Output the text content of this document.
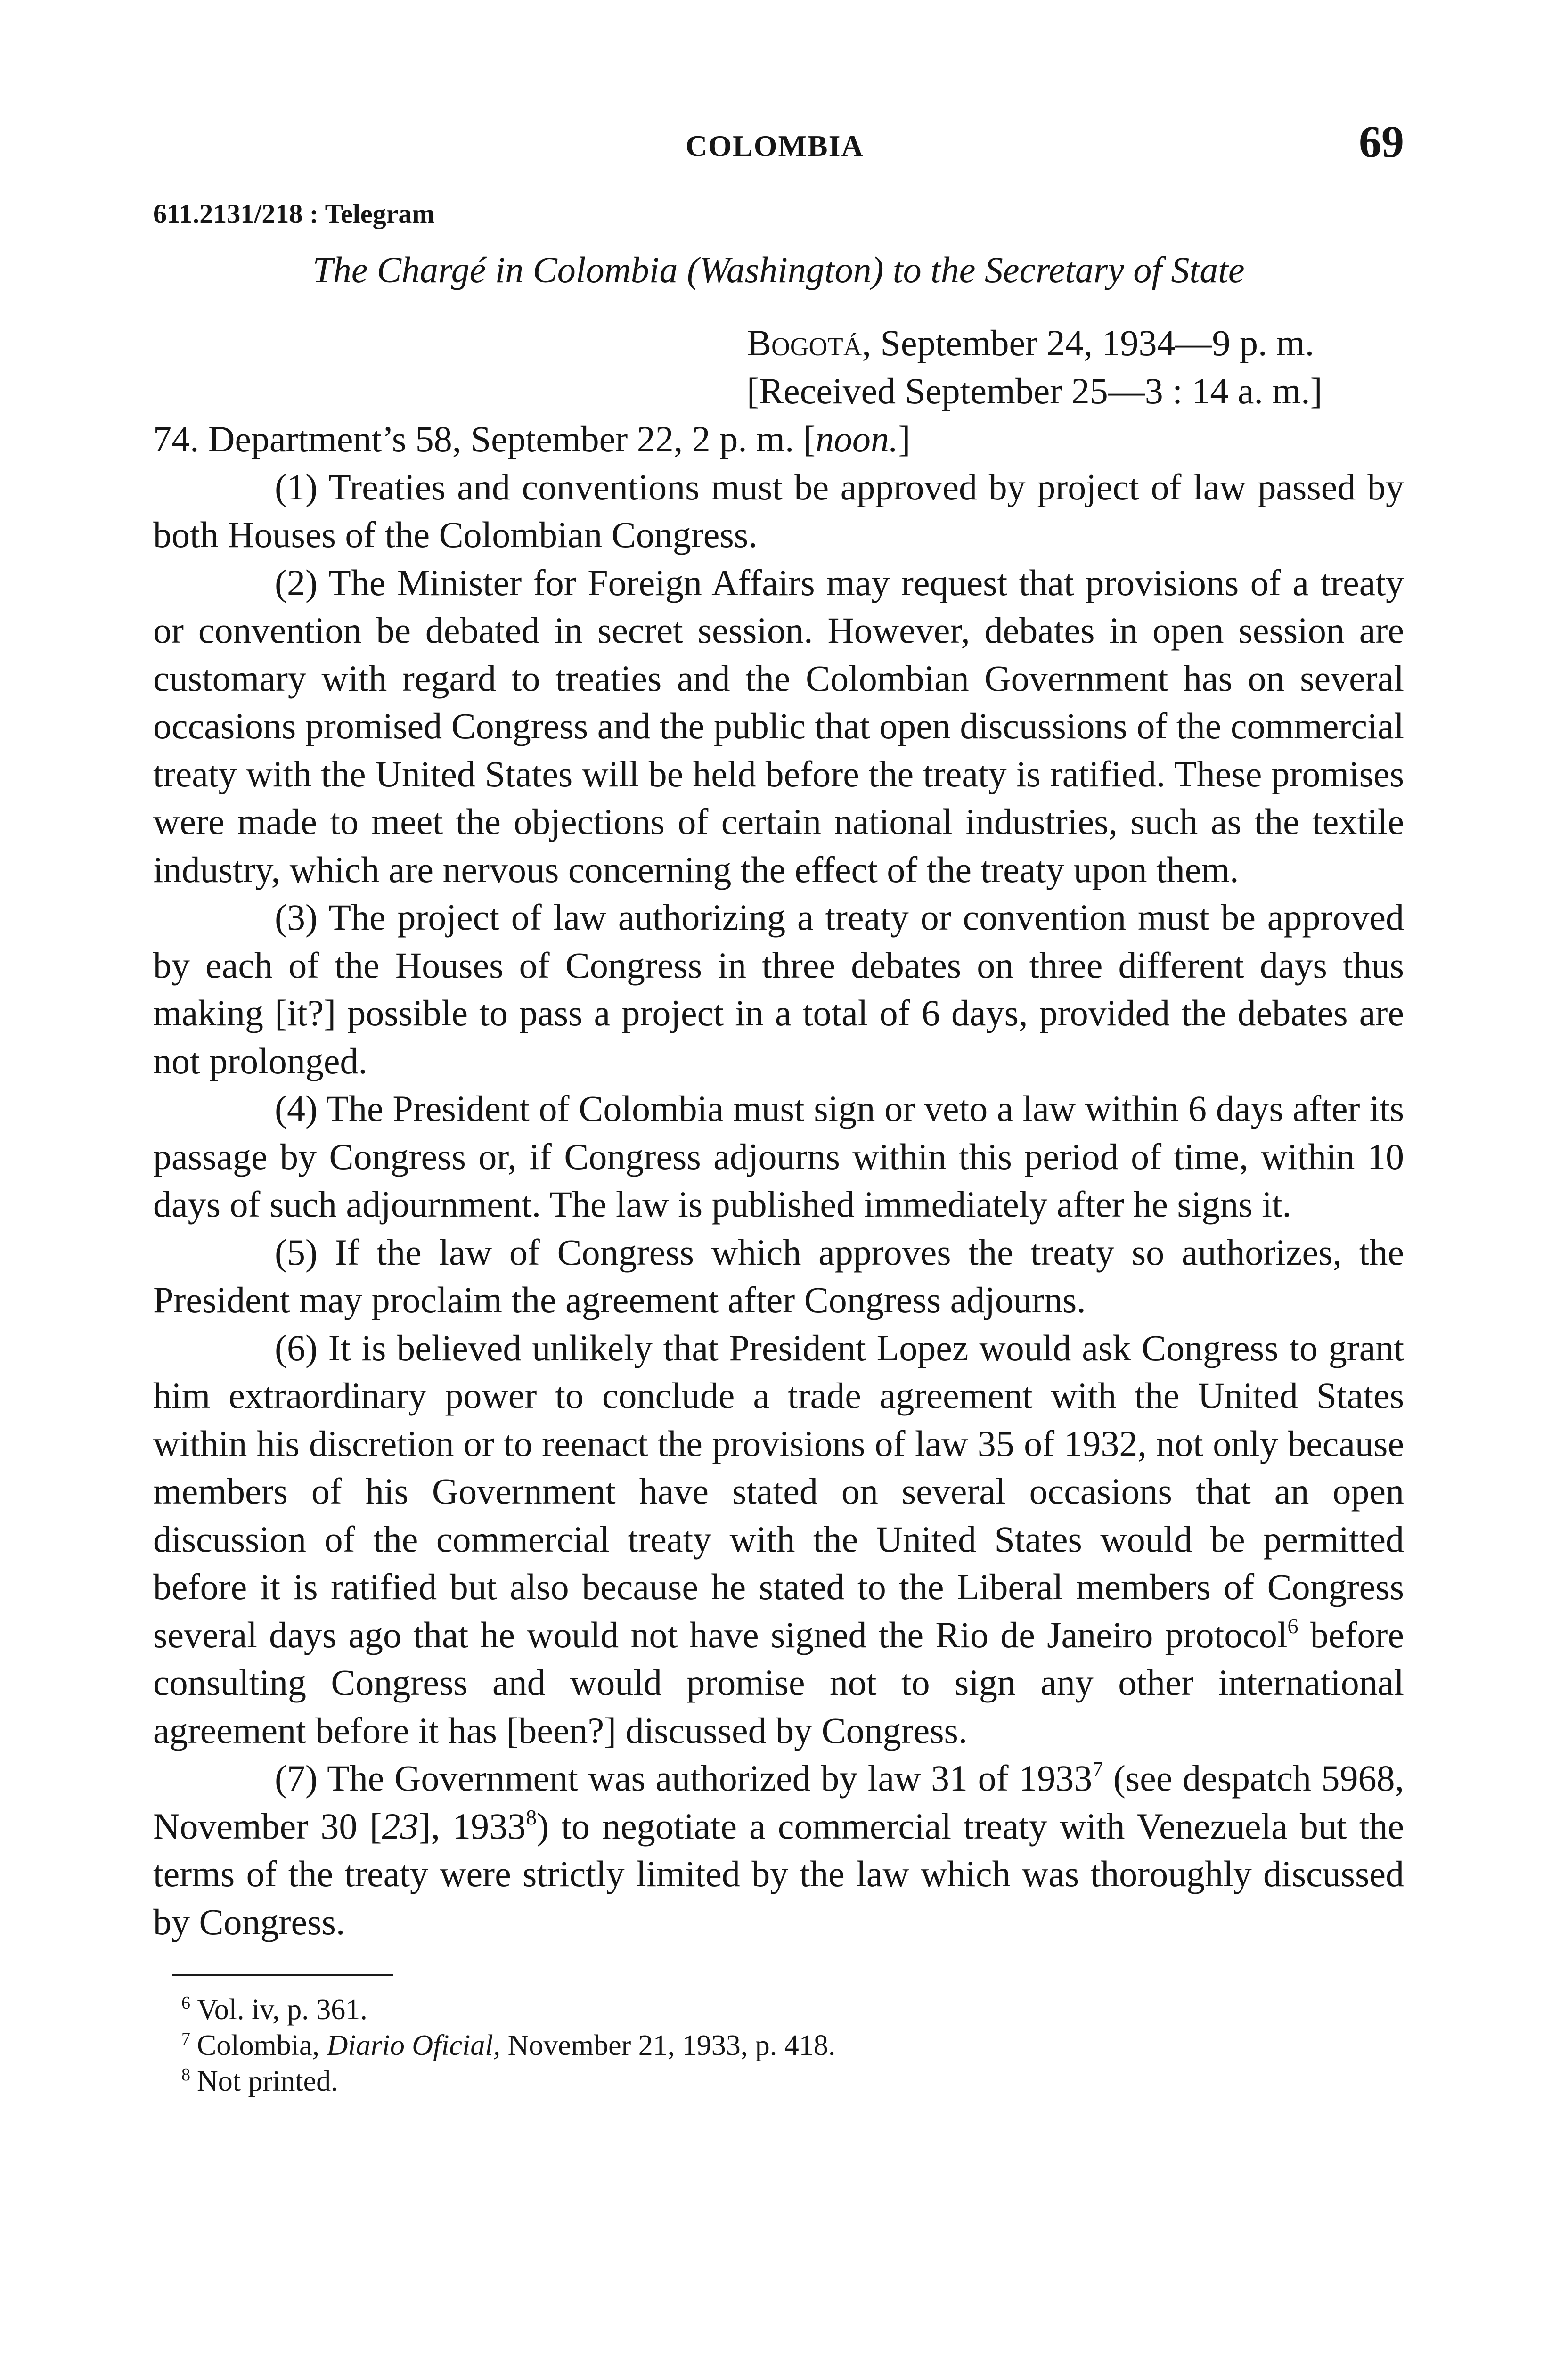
COLOMBIA	69
611.2131/218 : Telegram
The Chargé in Colombia (Washington) to the Secretary of State
Bogotá, September 24, 1934—9 p. m.
[Received September 25—3 : 14 a. m.]

74. Department’s 58, September 22, 2 p. m. [noon.]

(1) Treaties and conventions must be approved by project of law passed by both Houses of the Colombian Congress.

(2) The Minister for Foreign Affairs may request that provisions of a treaty or convention be debated in secret session. However, debates in open session are customary with regard to treaties and the Colombian Government has on several occasions promised Congress and the public that open discussions of the commercial treaty with the United States will be held before the treaty is ratified. These promises were made to meet the objections of certain national industries, such as the textile industry, which are nervous concerning the effect of the treaty upon them.

(3) The project of law authorizing a treaty or convention must be approved by each of the Houses of Congress in three debates on three different days thus making [it?] possible to pass a project in a total of 6 days, provided the debates are not prolonged.

(4) The President of Colombia must sign or veto a law within 6 days after its passage by Congress or, if Congress adjourns within this period of time, within 10 days of such adjournment. The law is published immediately after he signs it.

(5) If the law of Congress which approves the treaty so authorizes, the President may proclaim the agreement after Congress adjourns.

(6) It is believed unlikely that President Lopez would ask Congress to grant him extraordinary power to conclude a trade agreement with the United States within his discretion or to reenact the provisions of law 35 of 1932, not only because members of his Government have stated on several occasions that an open discussion of the commercial treaty with the United States would be permitted before it is ratified but also because he stated to the Liberal members of Congress several days ago that he would not have signed the Rio de Janeiro protocol$^6$ before consulting Congress and would promise not to sign any other international agreement before it has [been?] discussed by Congress.

(7) The Government was authorized by law 31 of 1933$^7$ (see despatch 5968, November 30 [23], 1933$^8$) to negotiate a commercial treaty with Venezuela but the terms of the treaty were strictly limited by the law which was thoroughly discussed by Congress.

$^6$ Vol. iv, p. 361.
$^7$ Colombia, Diario Oficial, November 21, 1933, p. 418.
$^8$ Not printed.
